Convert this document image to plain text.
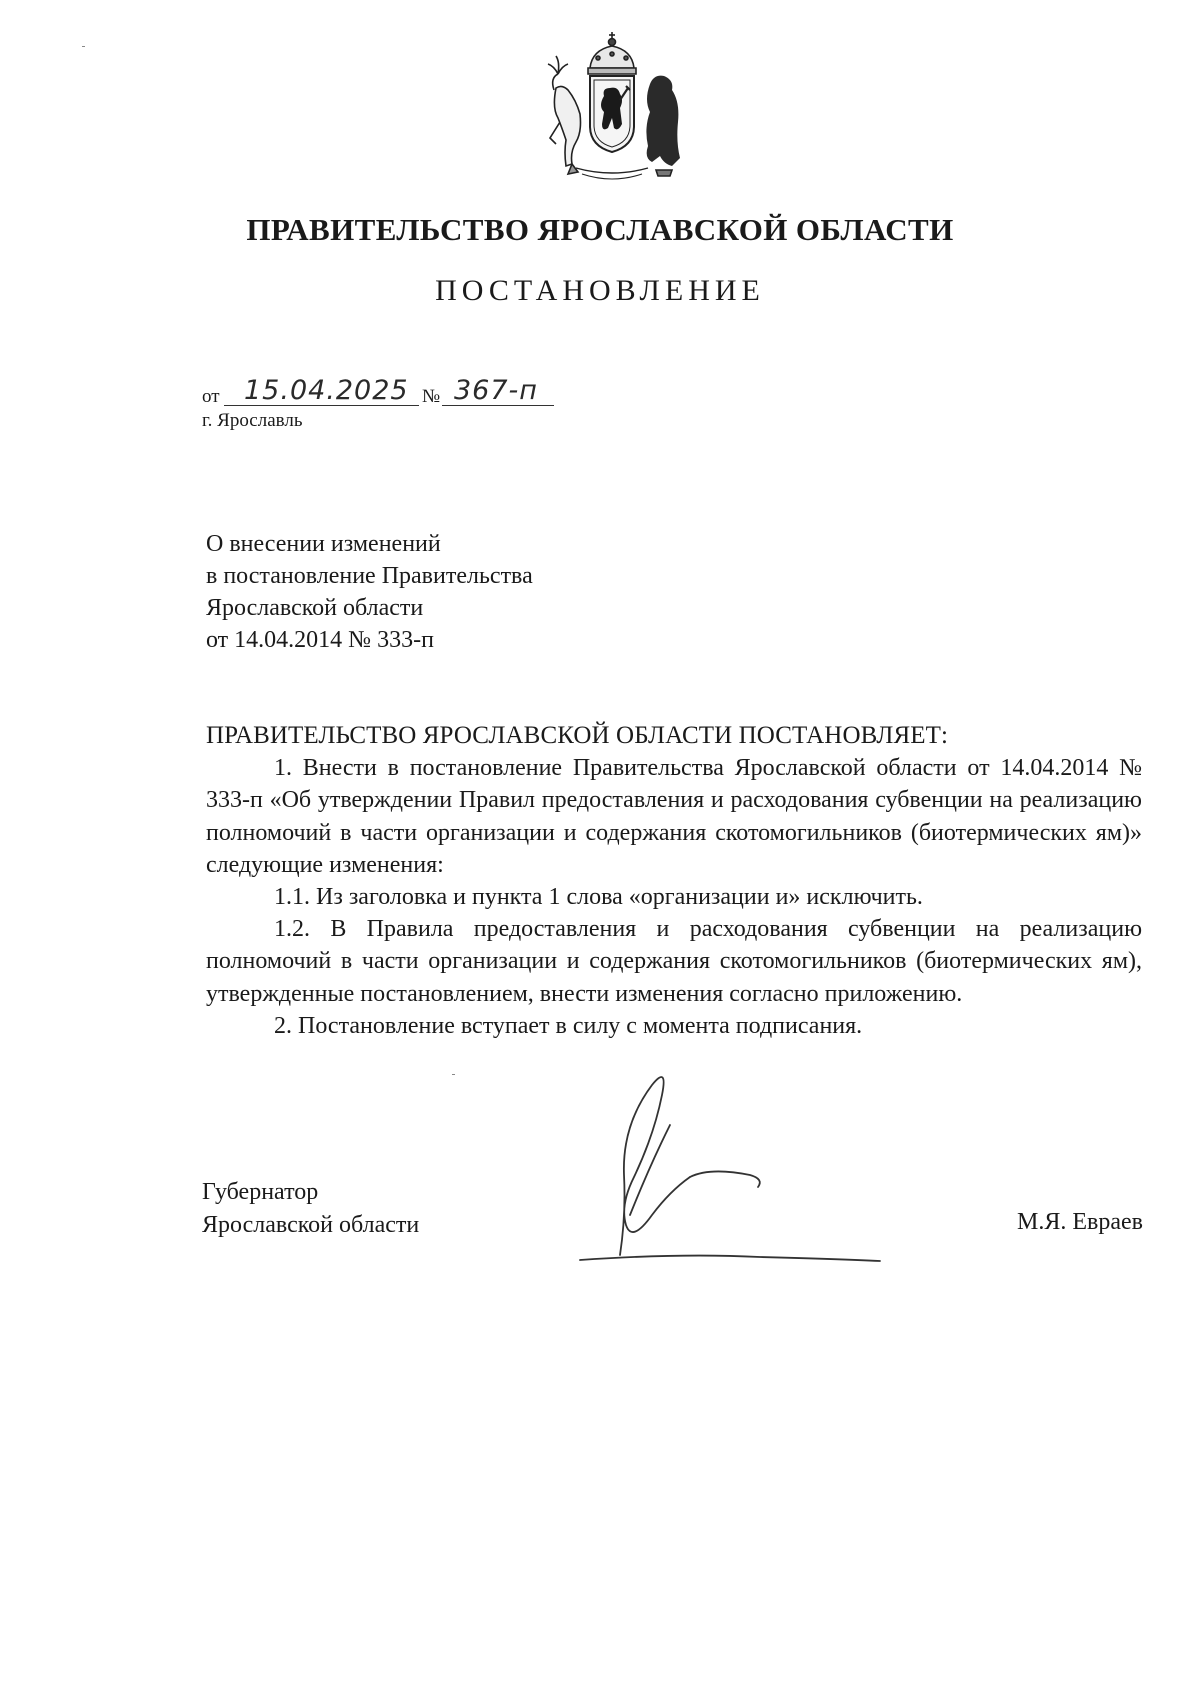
ПРАВИТЕЛЬСТВО ЯРОСЛАВСКОЙ ОБЛАСТИ
ПОСТАНОВЛЕНИЕ
от 15.04.2025 № 367-п
г. Ярославль
О внесении изменений
в постановление Правительства
Ярославской области
от 14.04.2014 № 333-п
ПРАВИТЕЛЬСТВО ЯРОСЛАВСКОЙ ОБЛАСТИ ПОСТАНОВЛЯЕТ:
1. Внести в постановление Правительства Ярославской области от 14.04.2014 № 333-п «Об утверждении Правил предоставления и расходования субвенции на реализацию полномочий в части организации и содержания скотомогильников (биотермических ям)» следующие изменения:
1.1. Из заголовка и пункта 1 слова «организации и» исключить.
1.2. В Правила предоставления и расходования субвенции на реализацию полномочий в части организации и содержания скотомогильников (биотермических ям), утвержденные постановлением, внести изменения согласно приложению.
2. Постановление вступает в силу с момента подписания.
Губернатор
Ярославской области	М.Я. Евраев
